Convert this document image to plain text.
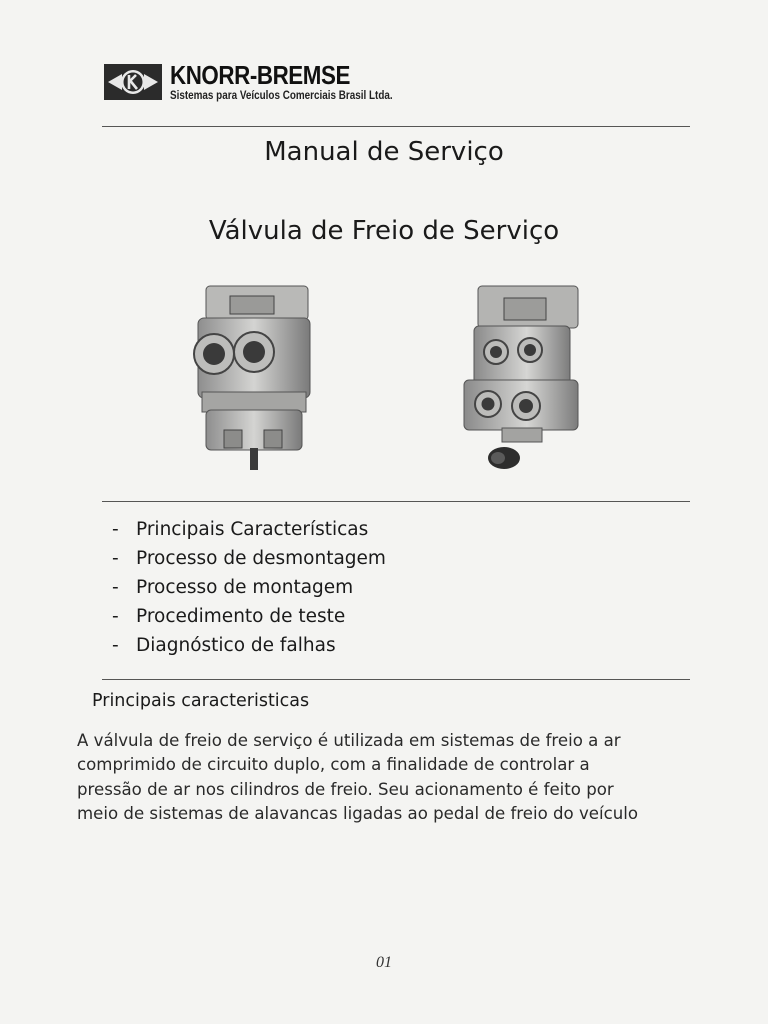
KNORR-BREMSE
Sistemas para Veículos Comerciais Brasil Ltda.
Manual de Serviço
Válvula de Freio de Serviço
- Principais Características
- Processo de desmontagem
- Processo de montagem
- Procedimento de teste
- Diagnóstico de falhas
Principais caracteristicas

A válvula de freio de serviço é utilizada em sistemas de freio a ar
comprimido de circuito duplo, com a finalidade de controlar a
pressão de ar nos cilindros de freio. Seu acionamento é feito por
meio de sistemas de alavancas ligadas ao pedal de freio do veículo

01
